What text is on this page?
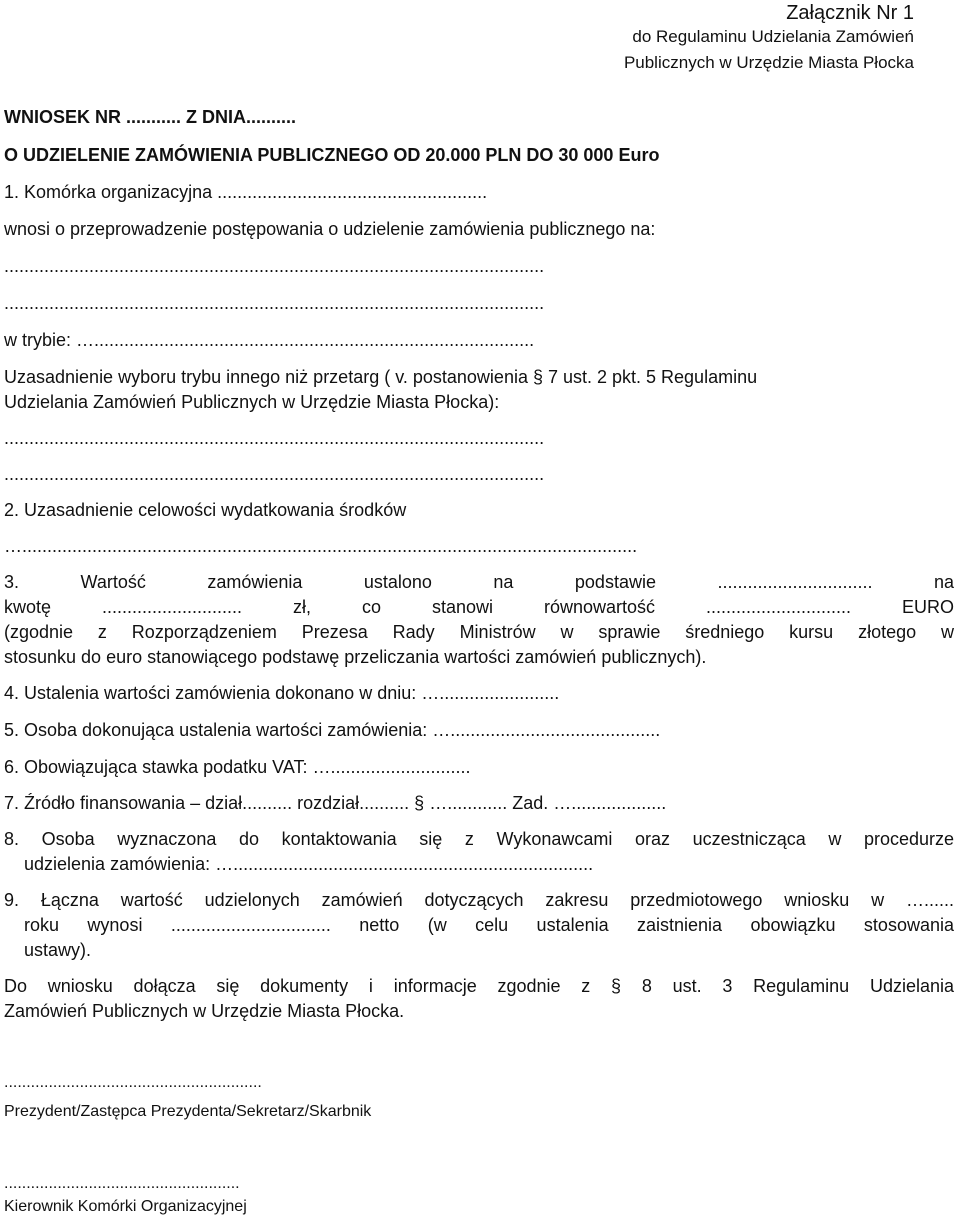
Załącznik Nr 1
do Regulaminu Udzielania Zamówień
Publicznych w Urzędzie Miasta Płocka
WNIOSEK NR ........... Z DNIA..........
O UDZIELENIE ZAMÓWIENIA PUBLICZNEGO OD 20.000 PLN DO 30 000 Euro
1. Komórka organizacyjna ......................................................
wnosi o przeprowadzenie postępowania o udzielenie zamówienia publicznego na:
............................................................................................................
............................................................................................................
w trybie: …........................................................................................
Uzasadnienie wyboru trybu innego niż przetarg ( v. postanowienia § 7 ust. 2 pkt. 5 Regulaminu
Udzielania Zamówień Publicznych w Urzędzie Miasta Płocka):
............................................................................................................
............................................................................................................
2. Uzasadnienie celowości wydatkowania środków
…...........................................................................................................................
3. Wartość zamówienia ustalono na podstawie ............................... na
kwotę ............................ zł, co stanowi równowartość ............................. EURO
(zgodnie z Rozporządzeniem Prezesa Rady Ministrów w sprawie średniego kursu złotego w
stosunku do euro stanowiącego podstawę przeliczania wartości zamówień publicznych).
4. Ustalenia wartości zamówienia dokonano w dniu: …........................
5. Osoba dokonująca ustalenia wartości zamówienia: …..........................................
6. Obowiązująca stawka podatku VAT: …............................
7. Źródło finansowania – dział.......... rozdział.......... § …............ Zad. …...................
8. Osoba wyznaczona do kontaktowania się z Wykonawcami oraz uczestnicząca w procedurze
udzielenia zamówienia: …........................................................................
9. Łączna wartość udzielonych zamówień dotyczących zakresu przedmiotowego wniosku w …......
roku wynosi ................................ netto (w celu ustalenia zaistnienia obowiązku stosowania
ustawy).
Do wniosku dołącza się dokumenty i informacje zgodnie z § 8 ust. 3 Regulaminu Udzielania
Zamówień Publicznych w Urzędzie Miasta Płocka.
..........................................................
Prezydent/Zastępca Prezydenta/Sekretarz/Skarbnik
.....................................................
Kierownik Komórki Organizacyjnej
